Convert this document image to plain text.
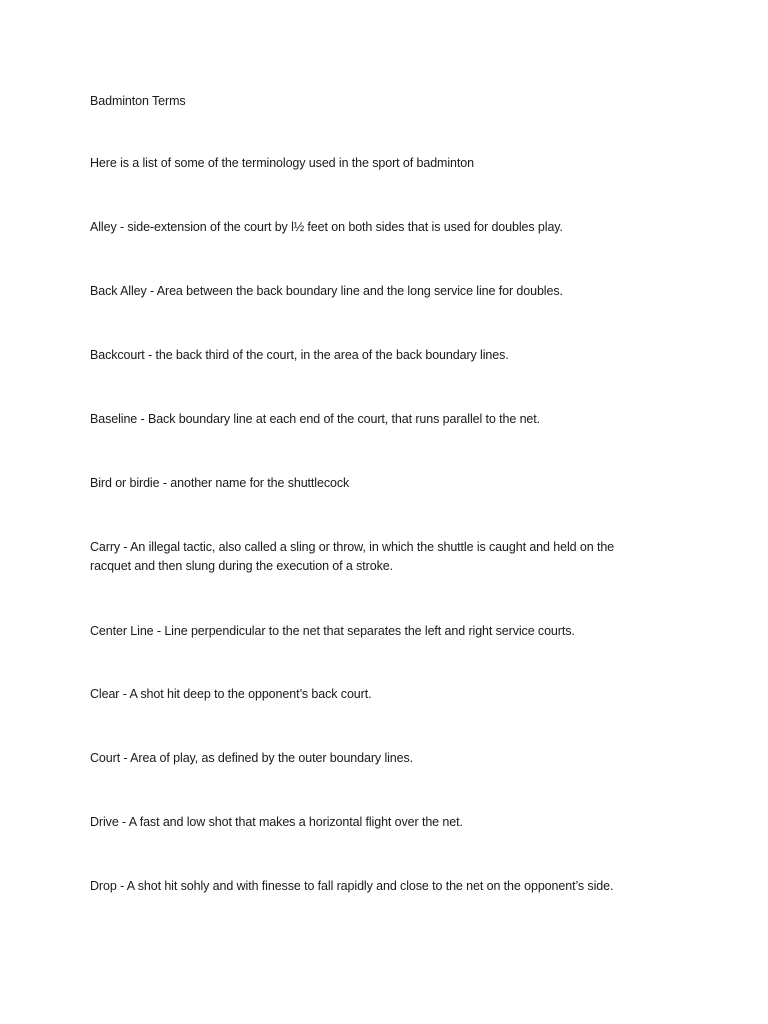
Badminton Terms
Here is a list of some of the terminology used in the sport of badminton
Alley - side-extension of the court by l½ feet on both sides that is used for doubles play.
Back Alley - Area between the back boundary line and the long service line for doubles.
Backcourt - the back third of the court, in the area of the back boundary lines.
Baseline - Back boundary line at each end of the court, that runs parallel to the net.
Bird or birdie - another name for the shuttlecock
Carry - An illegal tactic, also called a sling or throw, in which the shuttle is caught and held on the racquet and then slung during the execution of a stroke.
Center Line - Line perpendicular to the net that separates the left and right service courts.
Clear - A shot hit deep to the opponent’s back court.
Court - Area of play, as defined by the outer boundary lines.
Drive - A fast and low shot that makes a horizontal flight over the net.
Drop - A shot hit sohly and with finesse to fall rapidly and close to the net on the opponent’s side.
